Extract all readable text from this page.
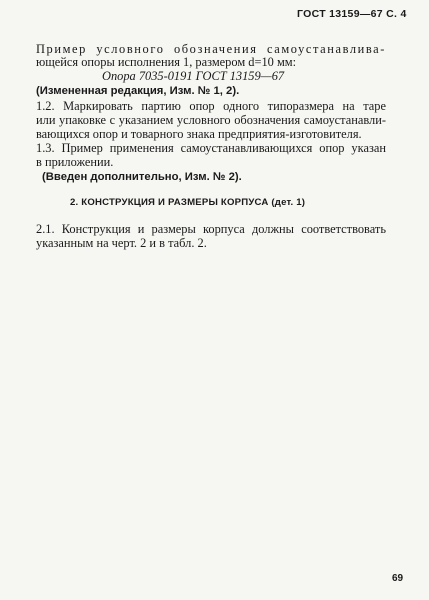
ГОСТ 13159—67 С. 4
Пример условного обозначения самоустанавлива-
ющейся опоры исполнения 1, размером d=10 мм:
Опора 7035-0191 ГОСТ 13159—67
(Измененная редакция, Изм. № 1, 2).
1.2. Маркировать партию опор одного типоразмера на таре
или упаковке с указанием условного обозначения самоустанавли-
вающихся опор и товарного знака предприятия-изготовителя.
1.3. Пример применения самоустанавливающихся опор указан
в приложении.
(Введен дополнительно, Изм. № 2).
2. КОНСТРУКЦИЯ И РАЗМЕРЫ КОРПУСА (дет. 1)
2.1. Конструкция и размеры корпуса должны соответствовать
указанным на черт. 2 и в табл. 2.
69
